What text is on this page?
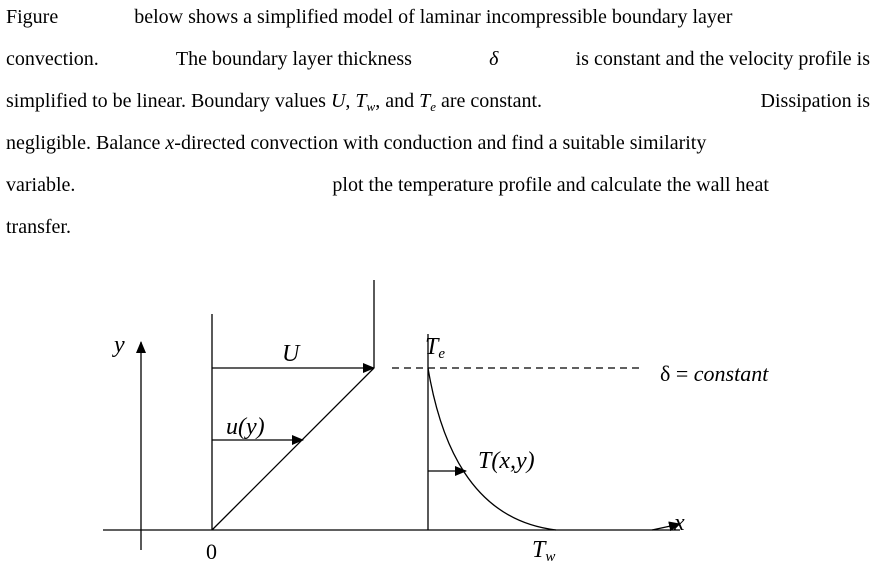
Figure	below shows a simplified model of laminar incompressible boundary layer
convection.	The boundary layer thickness	δ	is constant and the velocity profile is
simplified to be linear. Boundary values U, $T_w$, and $T_e$ are constant.	Dissipation is
negligible. Balance x-directed convection with conduction and find a suitable similarity
variable.	plot the temperature profile and calculate the wall heat
transfer.
y
x
0
U
u(y)
Te
T(x,y)
Tw
δ = constant
